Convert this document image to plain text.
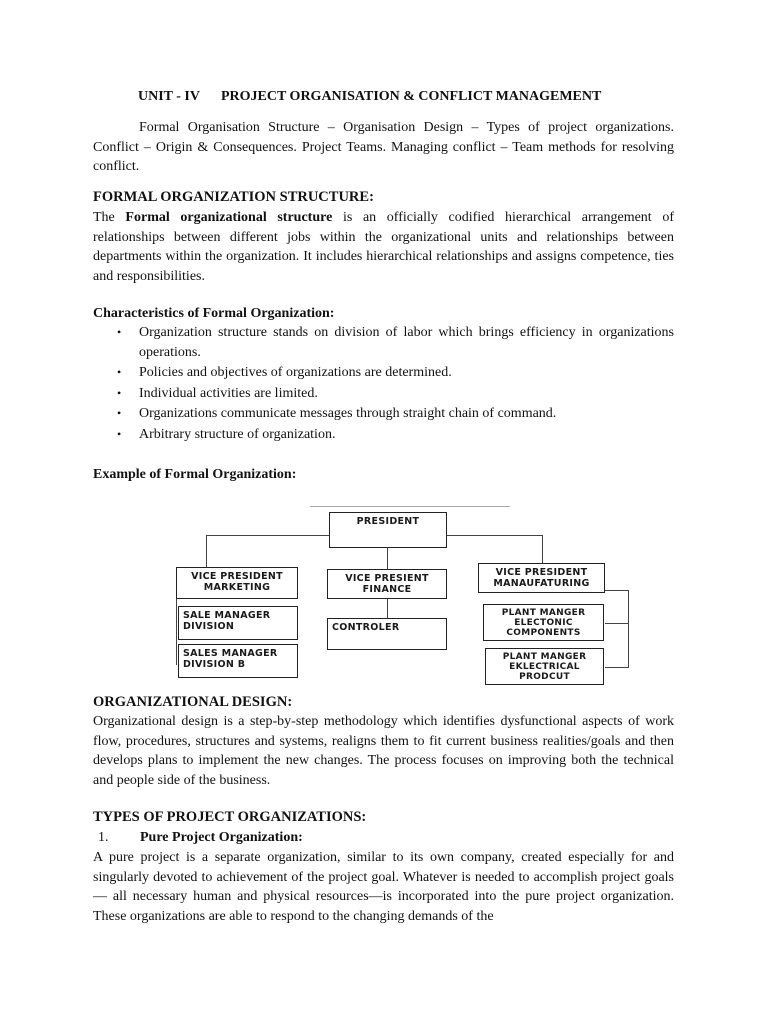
UNIT - IV      PROJECT ORGANISATION & CONFLICT MANAGEMENT
Formal Organisation Structure – Organisation Design – Types of project organizations. Conflict – Origin & Consequences. Project Teams. Managing conflict – Team methods for resolving conflict.
FORMAL ORGANIZATION STRUCTURE:
The Formal organizational structure is an officially codified hierarchical arrangement of relationships between different jobs within the organizational units and relationships between departments within the organization. It includes hierarchical relationships and assigns competence, ties and responsibilities.
Characteristics of Formal Organization:
• Organization structure stands on division of labor which brings efficiency in organizations operations.
• Policies and objectives of organizations are determined.
• Individual activities are limited.
• Organizations communicate messages through straight chain of command.
• Arbitrary structure of organization.
Example of Formal Organization:
ORGANIZATIONAL DESIGN:
Organizational design is a step-by-step methodology which identifies dysfunctional aspects of work flow, procedures, structures and systems, realigns them to fit current business realities/goals and then develops plans to implement the new changes. The process focuses on improving both the technical and people side of the business.
TYPES OF PROJECT ORGANIZATIONS:
1. Pure Project Organization:
A pure project is a separate organization, similar to its own company, created especially for and singularly devoted to achievement of the project goal. Whatever is needed to accomplish project goals — all necessary human and physical resources—is incorporated into the pure project organization. These organizations are able to respond to the changing demands of the
PRESIDENT
VICE PRESIDENT
MARKETING
VICE PRESIENT
FINANCE
VICE PRESIDENT
MANAUFATURING
SALE MANAGER
DIVISION
SALES MANAGER
DIVISION B
CONTROLER
PLANT MANGER
ELECTONIC
COMPONENTS
PLANT MANGER
EKLECTRICAL
PRODCUT
